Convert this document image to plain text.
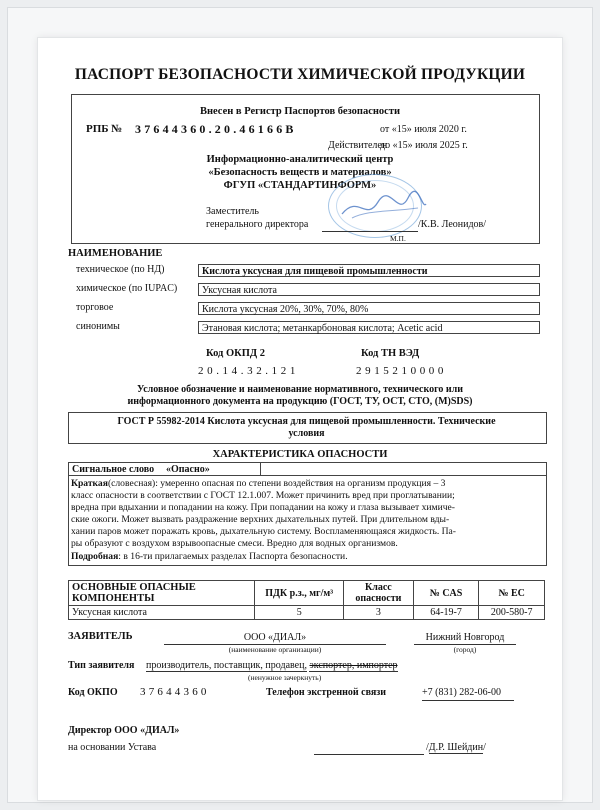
ПАСПОРТ БЕЗОПАСНОСТИ ХИМИЧЕСКОЙ ПРОДУКЦИИ
Внесен в Регистр Паспортов безопасности
РПБ № 37644360.20.46166В	от «15» июля 2020 г.
Действителен
до «15» июля 2025 г.
Информационно-аналитический центр
«Безопасность веществ и материалов»
ФГУП «СТАНДАРТИНФОРМ»
Заместитель
генерального директора	/К.В. Леонидов/
М.П.
НАИМЕНОВАНИЕ
техническое (по НД)	Кислота уксусная для пищевой промышленности
химическое (по IUPAC)	Уксусная кислота
торговое	Кислота уксусная 20%, 30%, 70%, 80%
синонимы	Этановая кислота; метанкарбоновая кислота; Acetic acid
Код ОКПД 2
20.14.32.121
Код ТН ВЭД
2915210000
Условное обозначение и наименование нормативного, технического или
информационного документа на продукцию (ГОСТ, ТУ, ОСТ, СТО, (М)SDS)
ГОСТ Р 55982-2014 Кислота уксусная для пищевой промышленности. Технические
условия
ХАРАКТЕРИСТИКА ОПАСНОСТИ
Сигнальное слово «Опасно»
Краткая(словесная): умеренно опасная по степени воздействия на организм продукция – 3
класс опасности в соответствии с ГОСТ 12.1.007. Может причинить вред при проглатывании;
вредна при вдыхании и попадании на кожу. При попадании на кожу и глаза вызывает химиче-
ские ожоги. Может вызвать раздражение верхних дыхательных путей. При длительном вды-
хании паров может поражать кровь, дыхательную систему. Воспламеняющаяся жидкость. Па-
ры образуют с воздухом взрывоопасные смеси. Вредно для водных организмов.
Подробная: в 16-ти прилагаемых разделах Паспорта безопасности.
ОСНОВНЫЕ ОПАСНЫЕ КОМПОНЕНТЫ	ПДК р.з., мг/м³	Класс опасности	№ CAS	№ ЕС
Уксусная кислота	5	3	64-19-7	200-580-7
ЗАЯВИТЕЛЬ	ООО «ДИАЛ»
(наименование организации)
Нижний Новгород
(город)
Тип заявителя производитель, поставщик, продавец, экспортер, импортер
(ненужное зачеркнуть)
Код ОКПО 37644360	Телефон экстренной связи	+7 (831) 282-06-00
Директор ООО «ДИАЛ»
на основании Устава	/Д.Р. Шейдин/
